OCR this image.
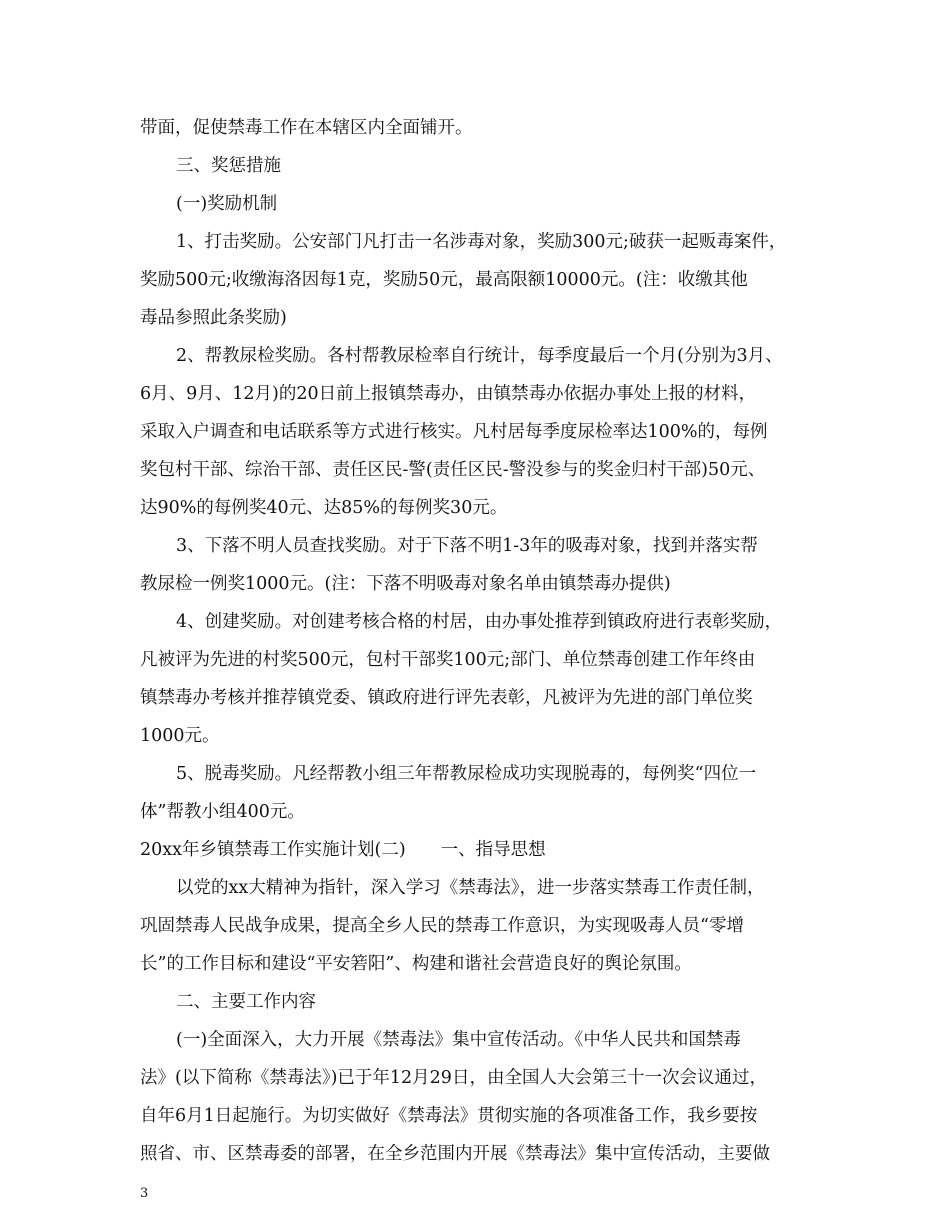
带面，促使禁毒工作在本辖区内全面铺开。
三、奖惩措施
(一)奖励机制
1、打击奖励。公安部门凡打击一名涉毒对象，奖励300元;破获一起贩毒案件，
奖励500元;收缴海洛因每1克，奖励50元，最高限额10000元。(注：收缴其他
毒品参照此条奖励)
2、帮教尿检奖励。各村帮教尿检率自行统计，每季度最后一个月(分别为3月、
6月、9月、12月)的20日前上报镇禁毒办，由镇禁毒办依据办事处上报的材料，
采取入户调查和电话联系等方式进行核实。凡村居每季度尿检率达100%的，每例
奖包村干部、综治干部、责任区民-警(责任区民-警没参与的奖金归村干部)50元、
达90%的每例奖40元、达85%的每例奖30元。
3、下落不明人员查找奖励。对于下落不明1-3年的吸毒对象，找到并落实帮
教尿检一例奖1000元。(注：下落不明吸毒对象名单由镇禁毒办提供)
4、创建奖励。对创建考核合格的村居，由办事处推荐到镇政府进行表彰奖励，
凡被评为先进的村奖500元，包村干部奖100元;部门、单位禁毒创建工作年终由
镇禁毒办考核并推荐镇党委、镇政府进行评先表彰，凡被评为先进的部门单位奖
1000元。
5、脱毒奖励。凡经帮教小组三年帮教尿检成功实现脱毒的，每例奖“四位一
体”帮教小组400元。
20xx年乡镇禁毒工作实施计划(二)　　一、指导思想
以党的xx大精神为指针，深入学习《禁毒法》，进一步落实禁毒工作责任制，
巩固禁毒人民战争成果，提高全乡人民的禁毒工作意识，为实现吸毒人员“零增
长”的工作目标和建设“平安箬阳”、构建和谐社会营造良好的舆论氛围。
二、主要工作内容
(一)全面深入，大力开展《禁毒法》集中宣传活动。《中华人民共和国禁毒
法》(以下简称《禁毒法》)已于年12月29日，由全国人大会第三十一次会议通过，
自年6月1日起施行。为切实做好《禁毒法》贯彻实施的各项准备工作，我乡要按
照省、市、区禁毒委的部署，在全乡范围内开展《禁毒法》集中宣传活动，主要做
3
